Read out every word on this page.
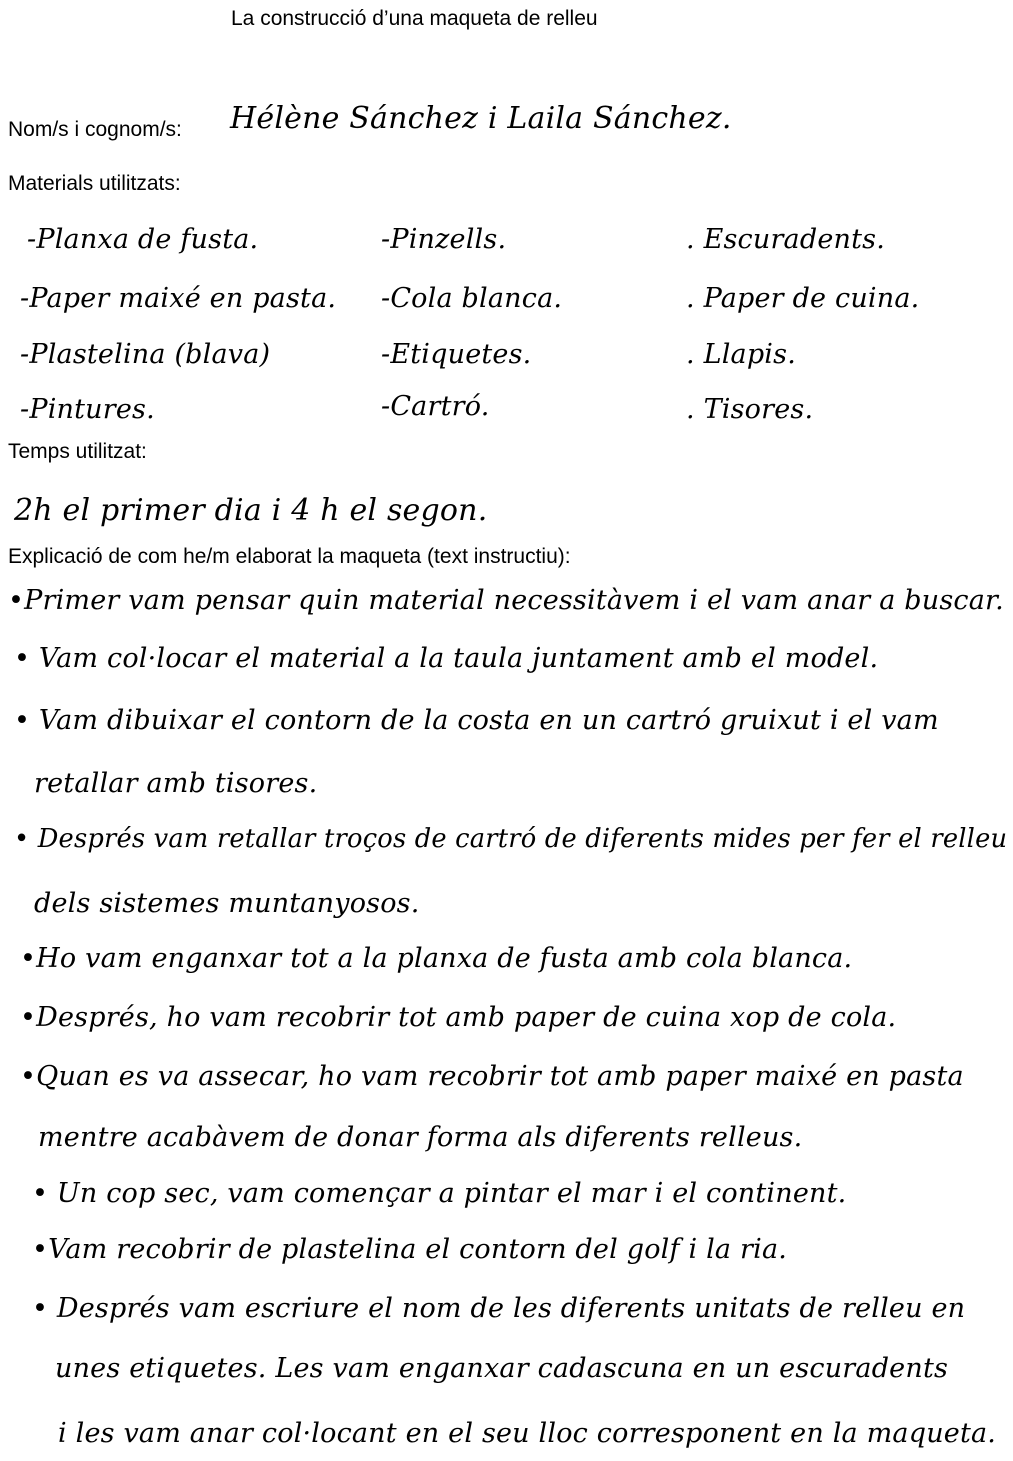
La construcció d’una maqueta de relleu
Nom/s i cognom/s: Hélène Sánchez i Laila Sánchez.
Materials utilitzats:
-Planxa de fusta.
-Paper maixé en pasta.
-Plastelina (blava)
-Pintures.
-Pinzells.
-Cola blanca.
-Etiquetes.
-Cartró.
. Escuradents.
. Paper de cuina.
. Llapis.
. Tisores.
Temps utilitzat:
2h el primer dia i 4 h el segon.
Explicació de com he/m elaborat la maqueta (text instructiu):
•Primer vam pensar quin material necessitàvem i el vam anar a buscar.
• Vam col·locar el material a la taula juntament amb el model.
• Vam dibuixar el contorn de la costa en un cartró gruixut i el vam
retallar amb tisores.
• Després vam retallar troços de cartró de diferents mides per fer el relleu
dels sistemes muntanyosos.
•Ho vam enganxar tot a la planxa de fusta amb cola blanca.
•Després, ho vam recobrir tot amb paper de cuina xop de cola.
•Quan es va assecar, ho vam recobrir tot amb paper maixé en pasta
mentre acabàvem de donar forma als diferents relleus.
• Un cop sec, vam començar a pintar el mar i el continent.
•Vam recobrir de plastelina el contorn del golf i la ria.
• Després vam escriure el nom de les diferents unitats de relleu en
unes etiquetes. Les vam enganxar cadascuna en un escuradents
i les vam anar col·locant en el seu lloc corresponent en la maqueta.
